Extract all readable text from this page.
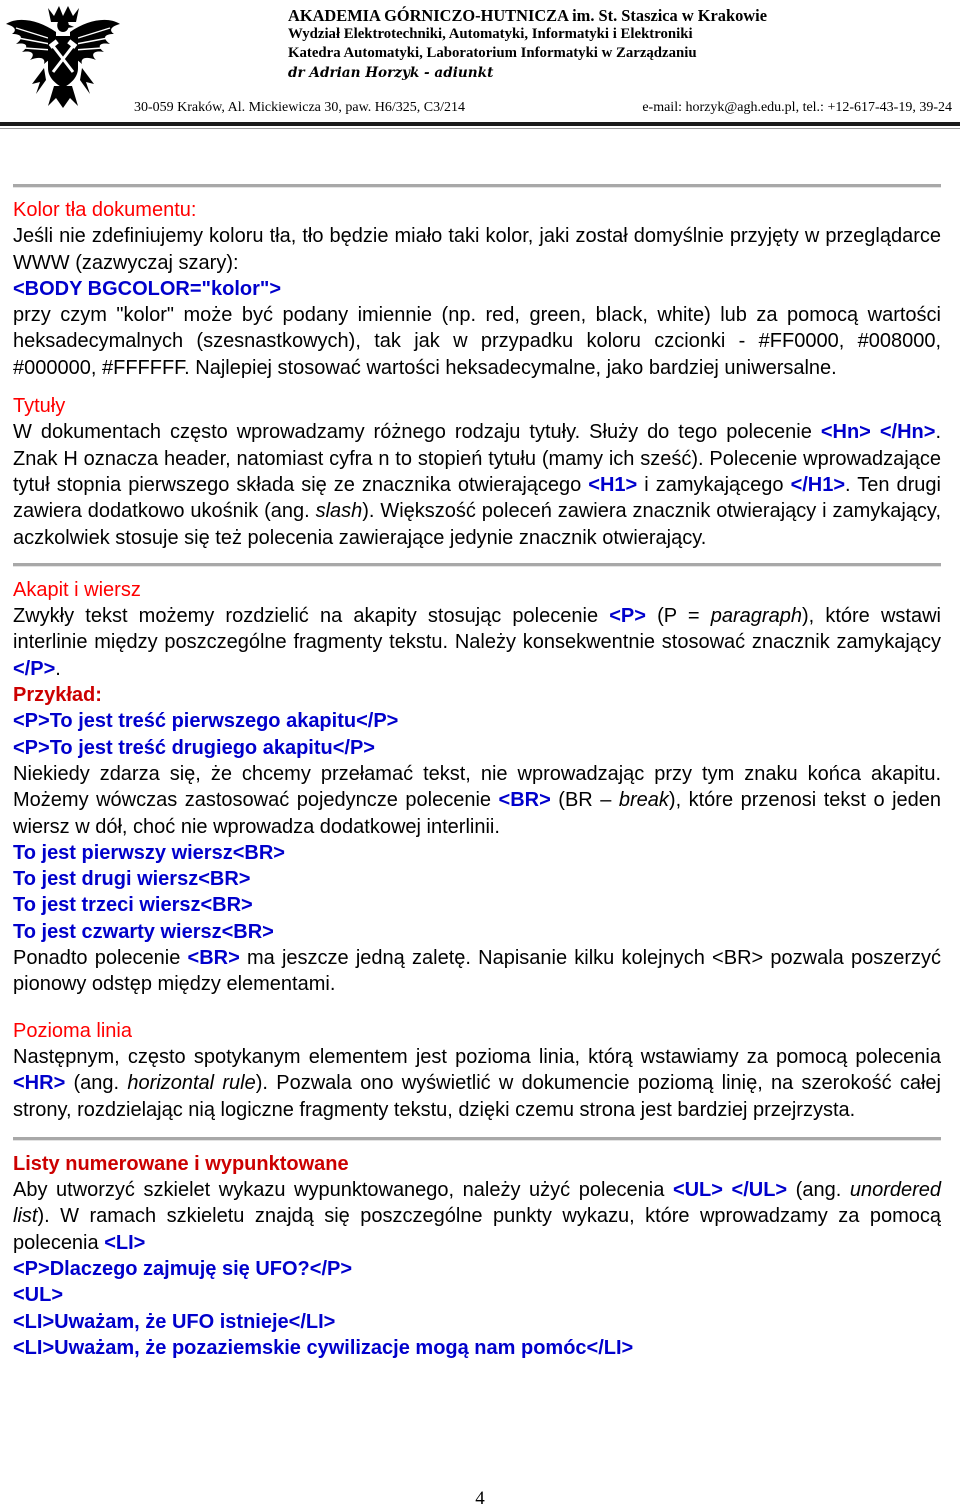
AKADEMIA GÓRNICZO-HUTNICZA im. St. Staszica w Krakowie
Wydział Elektrotechniki, Automatyki, Informatyki i Elektroniki
Katedra Automatyki, Laboratorium Informatyki w Zarządzaniu
dr Adrian Horzyk - adiunkt
30-059 Kraków, Al. Mickiewicza 30, paw. H6/325, C3/214	e-mail: horzyk@agh.edu.pl, tel.: +12-617-43-19, 39-24

Kolor tła dokumentu:

Jeśli nie zdefiniujemy koloru tła, tło będzie miało taki kolor, jaki został domyślnie przyjęty w przeglądarce WWW (zazwyczaj szary):

<BODY BGCOLOR="kolor">

przy czym "kolor" może być podany imiennie (np. red, green, black, white) lub za pomocą wartości heksadecymalnych (szesnastkowych), tak jak w przypadku koloru czcionki - #FF0000, #008000, #000000, #FFFFFF. Najlepiej stosować wartości heksadecymalne, jako bardziej uniwersalne.

Tytuły

W dokumentach często wprowadzamy różnego rodzaju tytuły. Służy do tego polecenie <Hn> </Hn>. Znak H oznacza header, natomiast cyfra n to stopień tytułu (mamy ich sześć). Polecenie wprowadzające tytuł stopnia pierwszego składa się ze znacznika otwierającego <H1> i zamykającego </H1>. Ten drugi zawiera dodatkowo ukośnik (ang. slash). Większość poleceń zawiera znacznik otwierający i zamykający, aczkolwiek stosuje się też polecenia zawierające jedynie znacznik otwierający.

Akapit i wiersz

Zwykły tekst możemy rozdzielić na akapity stosując polecenie <P> (P = paragraph), które wstawi interlinie między poszczególne fragmenty tekstu. Należy konsekwentnie stosować znacznik zamykający </P>.

Przykład:

<P>To jest treść pierwszego akapitu</P>

<P>To jest treść drugiego akapitu</P>

Niekiedy zdarza się, że chcemy przełamać tekst, nie wprowadzając przy tym znaku końca akapitu. Możemy wówczas zastosować pojedyncze polecenie <BR> (BR – break), które przenosi tekst o jeden wiersz w dół, choć nie wprowadza dodatkowej interlinii.

To jest pierwszy wiersz<BR>

To jest drugi wiersz<BR>

To jest trzeci wiersz<BR>

To jest czwarty wiersz<BR>

Ponadto polecenie <BR> ma jeszcze jedną zaletę. Napisanie kilku kolejnych <BR> pozwala poszerzyć pionowy odstęp między elementami.

Pozioma linia

Następnym, często spotykanym elementem jest pozioma linia, którą wstawiamy za pomocą polecenia <HR> (ang. horizontal rule). Pozwala ono wyświetlić w dokumencie poziomą linię, na szerokość całej strony, rozdzielając nią logiczne fragmenty tekstu, dzięki czemu strona jest bardziej przejrzysta.

Listy numerowane i wypunktowane

Aby utworzyć szkielet wykazu wypunktowanego, należy użyć polecenia <UL> </UL> (ang. unordered list). W ramach szkieletu znajdą się poszczególne punkty wykazu, które wprowadzamy za pomocą polecenia <LI>

<P>Dlaczego zajmuję się UFO?</P>

<UL>

<LI>Uważam, że UFO istnieje</LI>

<LI>Uważam, że pozaziemskie cywilizacje mogą nam pomóc</LI>

4
